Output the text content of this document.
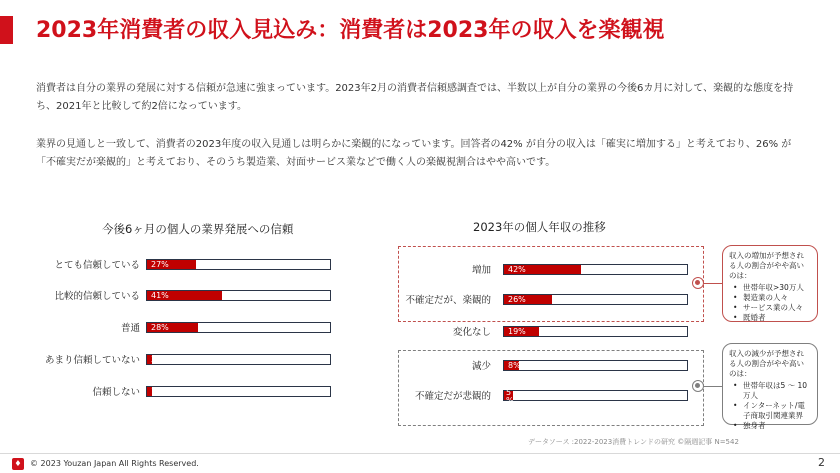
2023年消費者の収入見込み：消費者は2023年の収入を楽観視
消費者は自分の業界の発展に対する信頼が急速に強まっています。2023年2月の消費者信頼感調査では、半数以上が自分の業界の今後6カ月に対して、楽観的な態度を持ち、2021年と比較して約2倍になっています。
業界の見通しと一致して、消費者の2023年度の収入見通しは明らかに楽観的になっています。回答者の42% が自分の収入は「確実に増加する」と考えており、26% が「不確実だが楽観的」と考えており、そのうち製造業、対面サービス業などで働く人の楽観視割合はやや高いです。
今後6ヶ月の個人の業界発展への信頼
とても信頼している 27%
比較的信頼している 41%
普通 28%
あまり信頼していない 3%
信頼しない 1
2023年の個人年収の推移
増加 42%
不確定だが、楽観的 26%
変化なし 19%
減少 8%
不確定だが悲観的 5
%
収入の増加が予想される人の割合がやや高いのは：
• 世帯年収>30万人
• 製造業の人々
• サービス業の人々
• 既婚者
収入の減少が予想される人の割合がやや高いのは：
• 世帯年収は5 ～ 10万人
• インターネット/電子商取引関連業界
• 独身者
データソース :2022-2023消費トレンドの研究 ©隔週記事 N=542
♦	© 2023 Youzan Japan All Rights Reserved.	2
